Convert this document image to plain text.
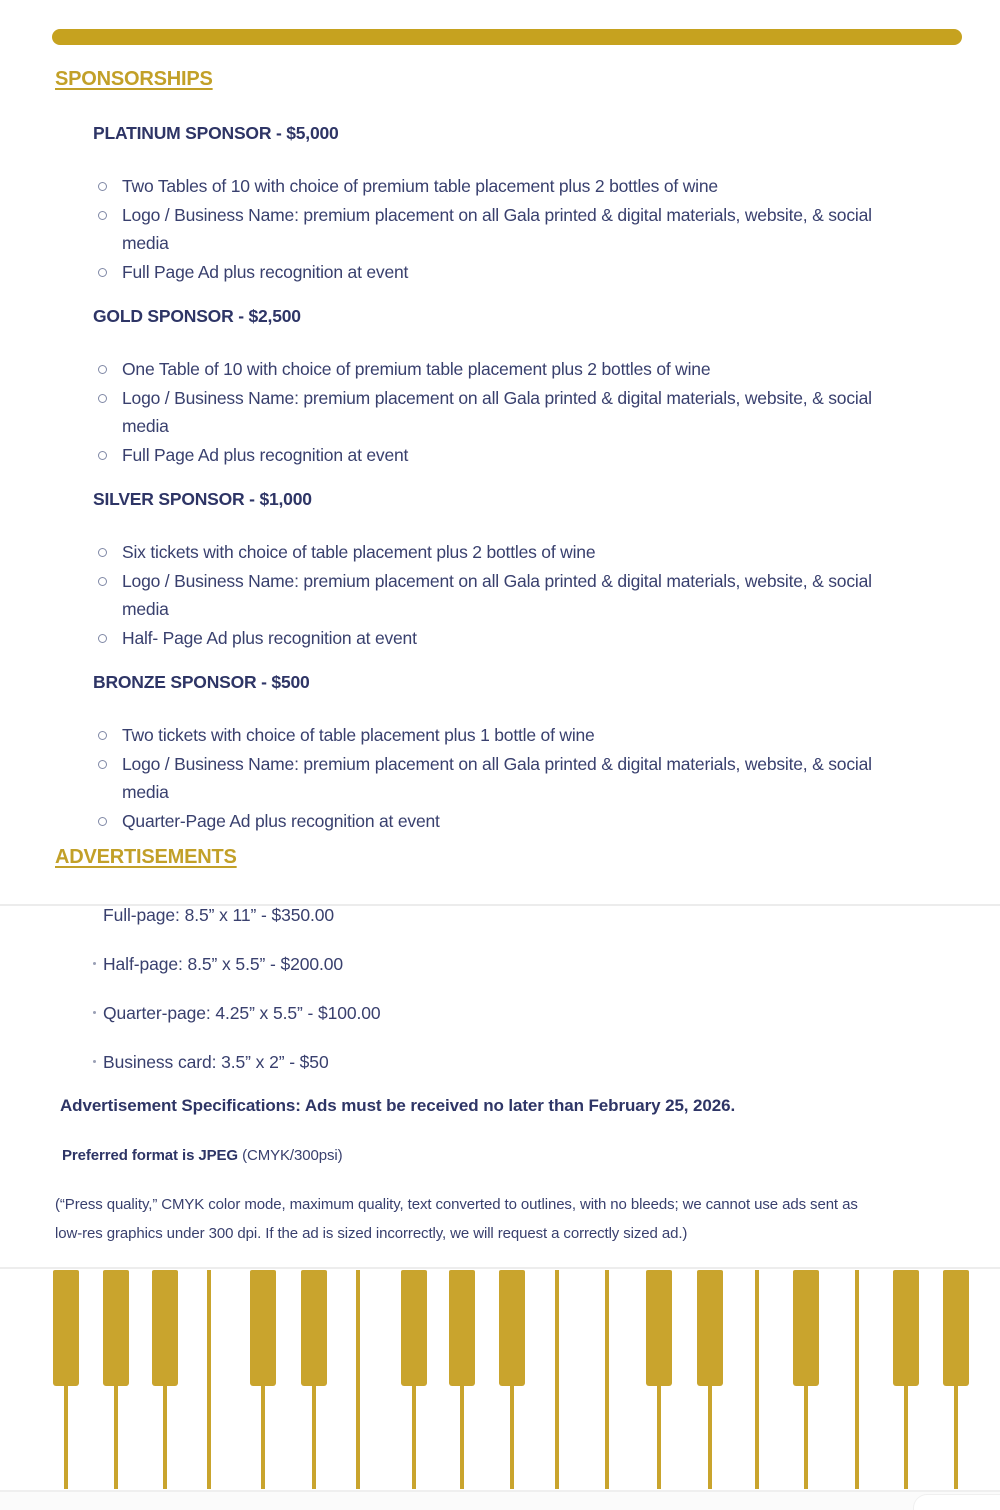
SPONSORSHIPS
PLATINUM SPONSOR - $5,000
Two Tables of 10 with choice of premium table placement plus 2 bottles of wine
Logo / Business Name: premium placement on all Gala printed & digital materials, website, & social media
Full Page Ad plus recognition at event
GOLD SPONSOR - $2,500
One Table of 10 with choice of premium table placement plus 2 bottles of wine
Logo / Business Name: premium placement on all Gala printed & digital materials, website, & social media
Full Page Ad plus recognition at event
SILVER SPONSOR - $1,000
Six tickets with choice of table placement plus 2 bottles of wine
Logo / Business Name: premium placement on all Gala printed & digital materials, website, & social media
Half- Page Ad plus recognition at event
BRONZE SPONSOR - $500
Two tickets with choice of table placement plus 1 bottle of wine
Logo / Business Name: premium placement on all Gala printed & digital materials, website, & social media
Quarter-Page Ad plus recognition at event
ADVERTISEMENTS
Full-page: 8.5” x 11” - $350.00
Half-page: 8.5” x 5.5” - $200.00
Quarter-page: 4.25” x 5.5” - $100.00
Business card: 3.5” x 2” - $50

Advertisement Specifications: Ads must be received no later than February 25, 2026.

Preferred format is JPEG (CMYK/300psi)

(“Press quality,” CMYK color mode, maximum quality, text converted to outlines, with no bleeds; we cannot use ads sent as low-res graphics under 300 dpi. If the ad is sized incorrectly, we will request a correctly sized ad.)
